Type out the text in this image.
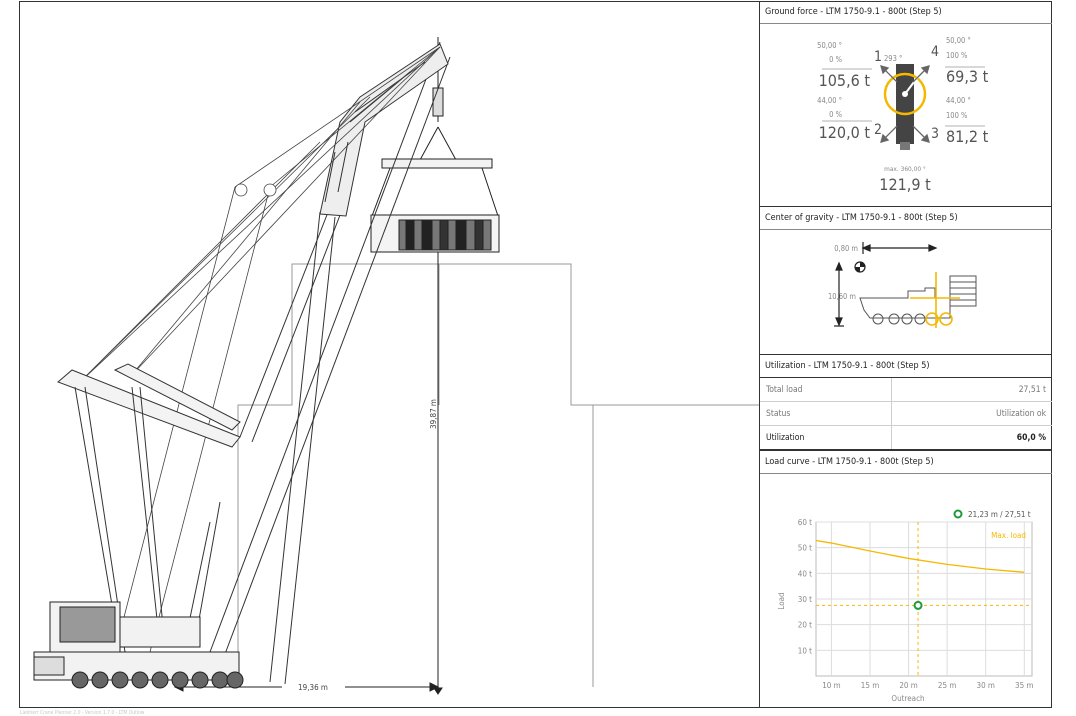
39,87 m
19,36 m
Ground force - LTM 1750-9.1 - 800t (Step 5)
50,00 °
0 %
44,00 °
0 %
50,00 °
100 %
44,00 °
100 %
293 °
max. 360,00 °
1
2	3
4
105,6 t
120,0 t	81,2 t
69,3 t
121,9 t
Center of gravity - LTM 1750-9.1 - 800t (Step 5)
0,80 m
10,60 m
Utilization - LTM 1750-9.1 - 800t (Step 5)
Total load	27,51 t
Status	Utilization ok
Utilization	60,0 %
Load curve - LTM 1750-9.1 - 800t (Step 5)
10 m	15 m	20 m	25 m	30 m	35 m
10 t
20 t
30 t
40 t
50 t
60 t
21,23 m / 27,51 t
Max. load
Outreach
Load
Liebherr Crane Planner 2.0 - Version 1.7.0 - LTM Outlow
